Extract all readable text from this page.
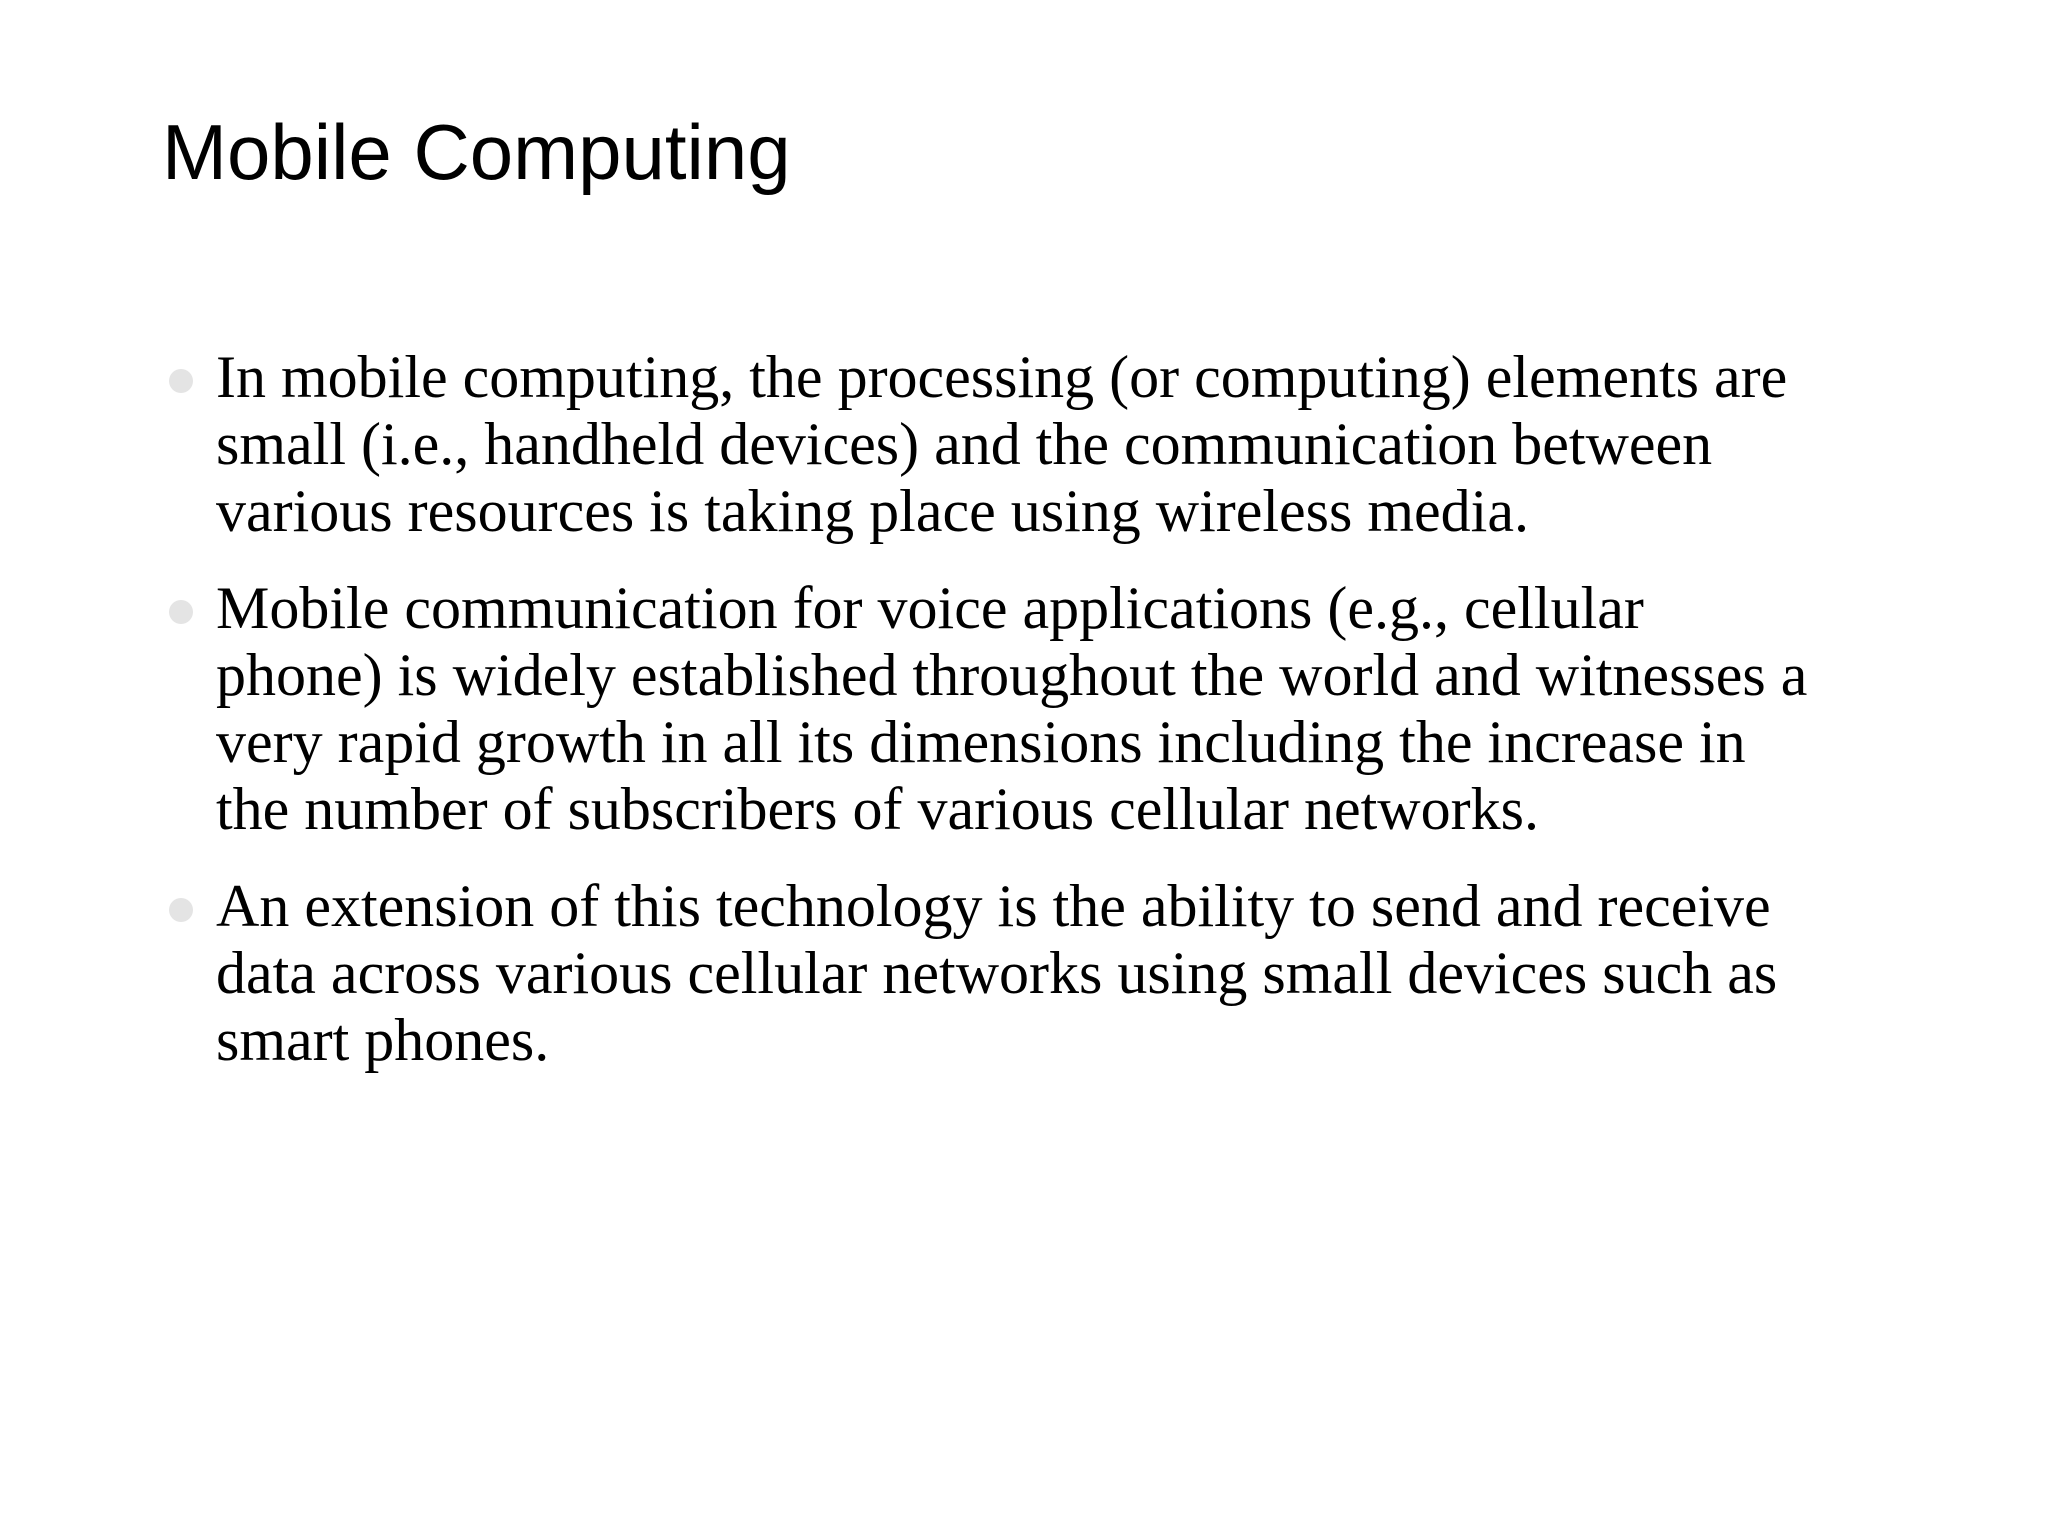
Mobile Computing
In mobile computing, the processing (or computing) elements are
small (i.e., handheld devices) and the communication between
various resources is taking place using wireless media.
Mobile communication for voice applications (e.g., cellular
phone) is widely established throughout the world and witnesses a
very rapid growth in all its dimensions including the increase in
the number of subscribers of various cellular networks.
An extension of this technology is the ability to send and receive
data across various cellular networks using small devices such as
smart phones.
